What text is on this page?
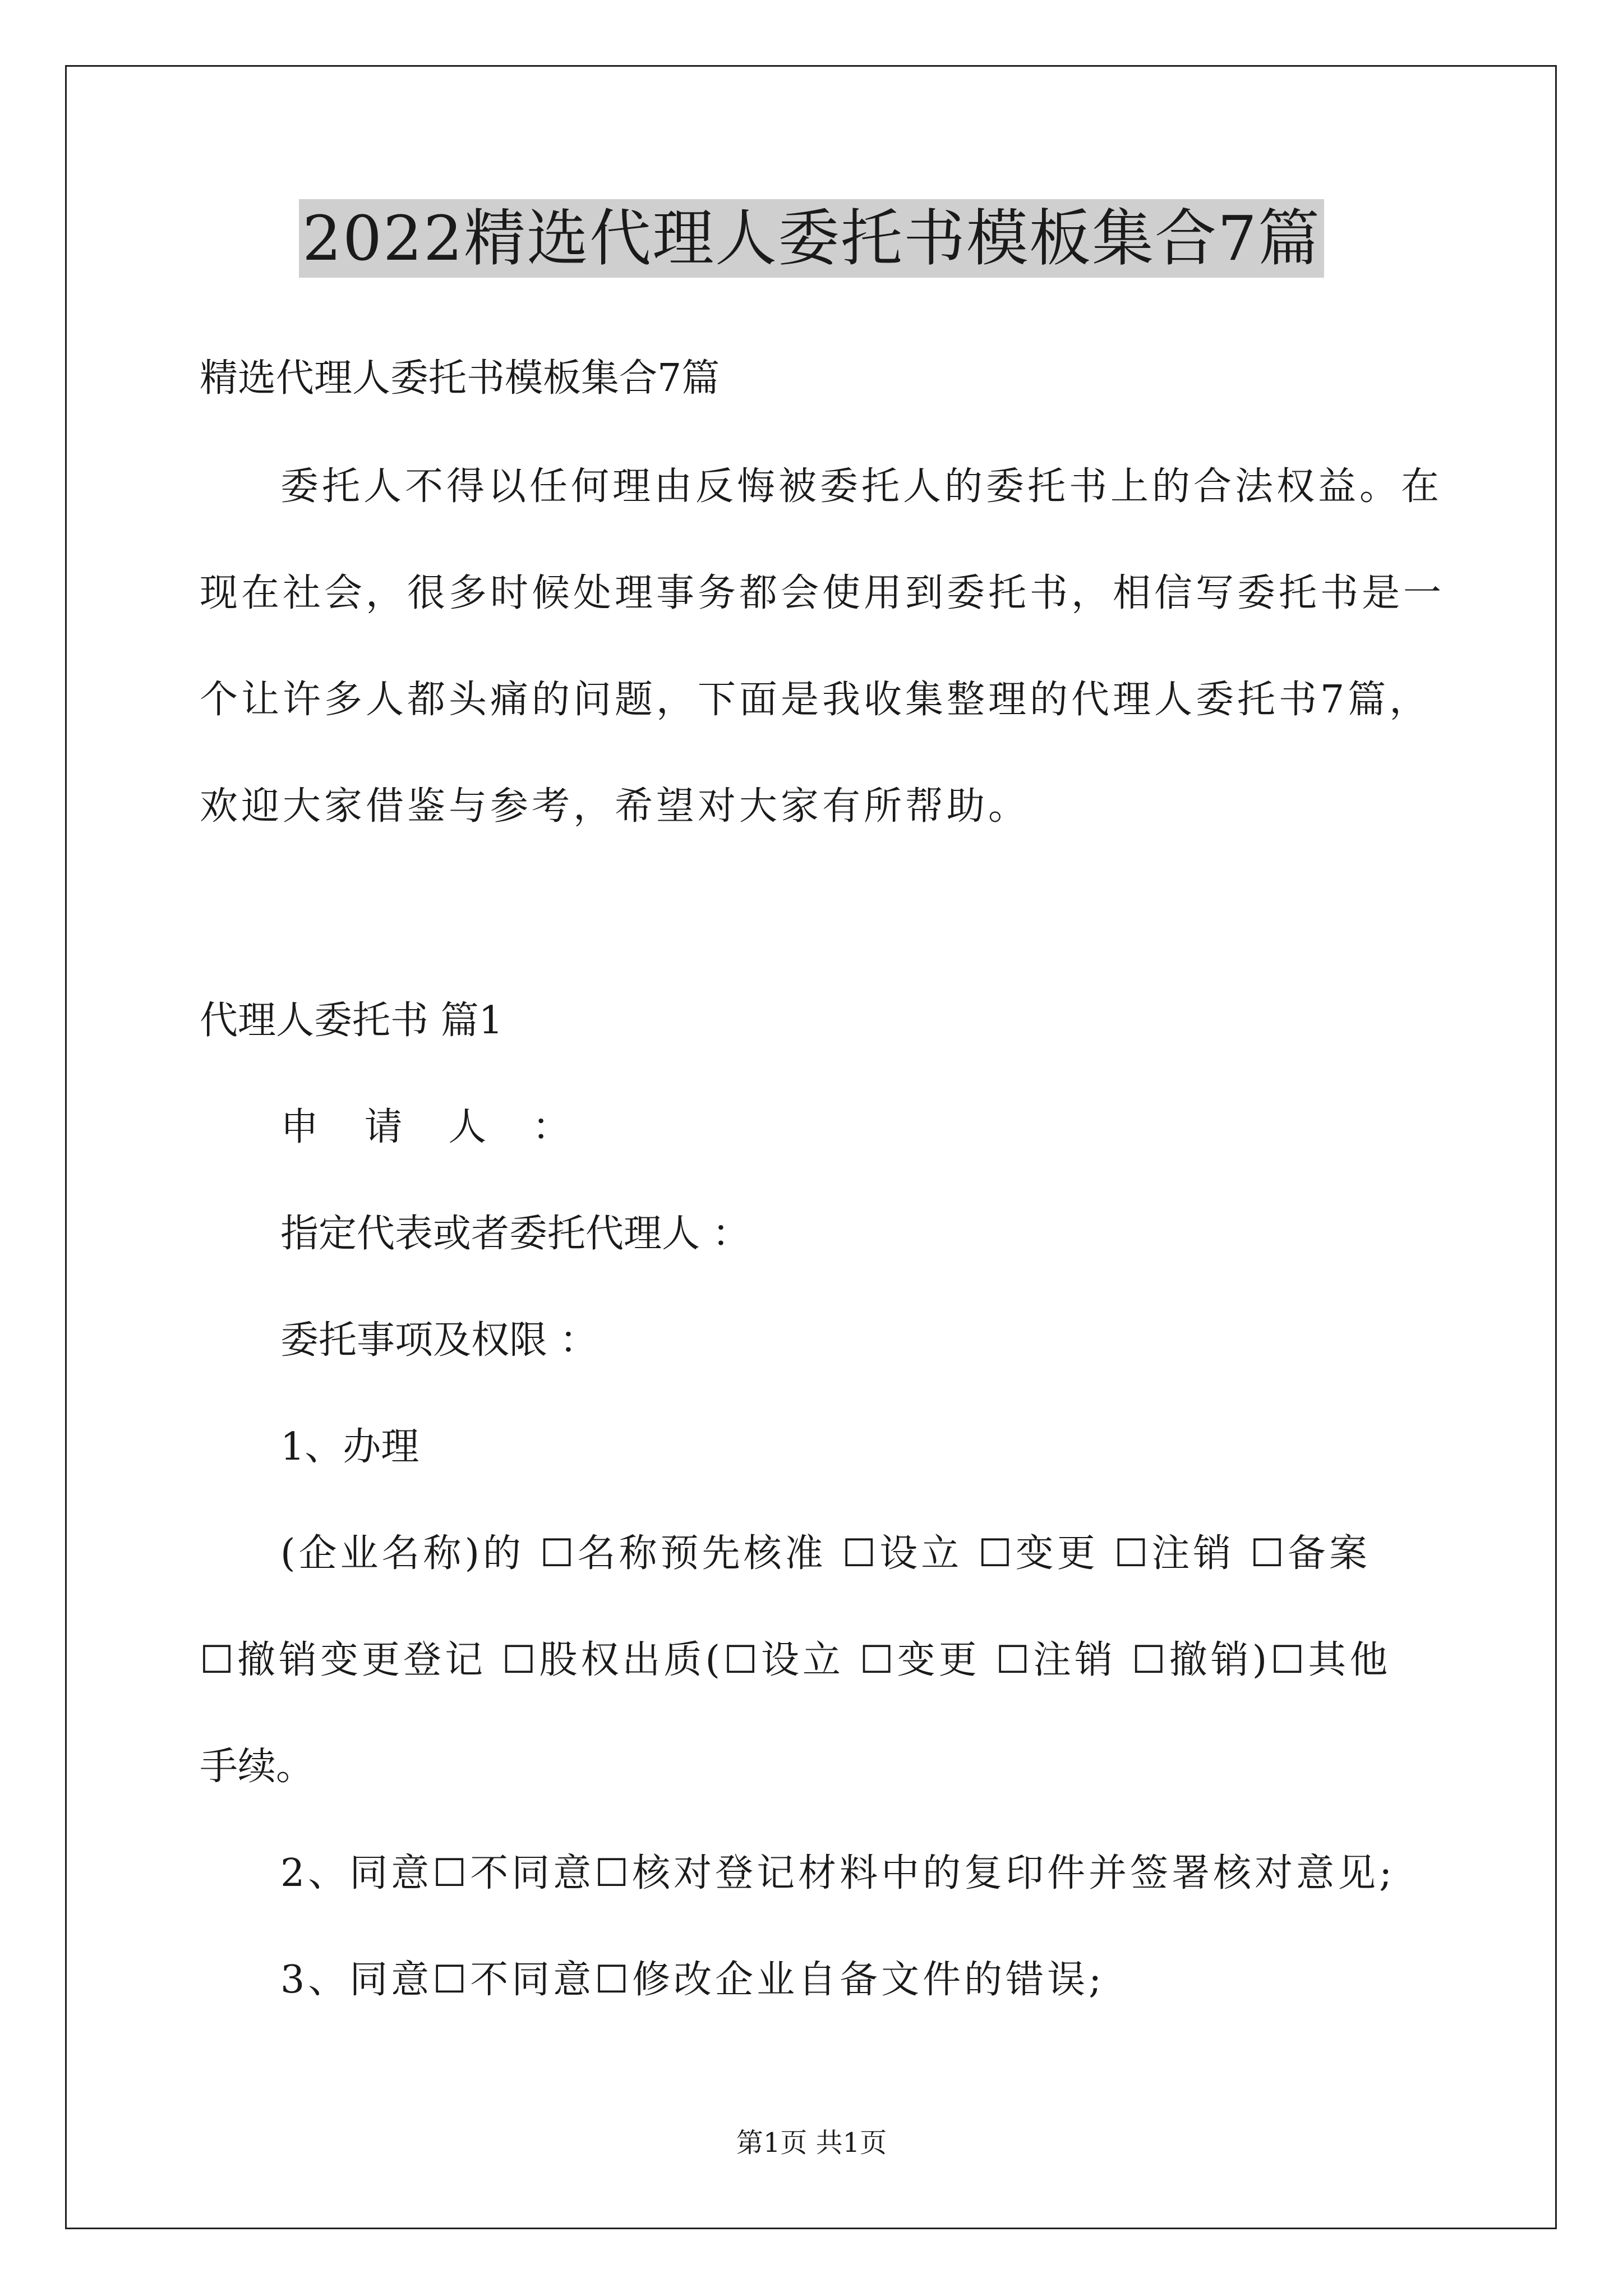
2022精选代理人委托书模板集合7篇
精选代理人委托书模板集合7篇
委托人不得以任何理由反悔被委托人的委托书上的合法权益。在
现在社会，很多时候处理事务都会使用到委托书，相信写委托书是一
个让许多人都头痛的问题，下面是我收集整理的代理人委托书7篇，
欢迎大家借鉴与参考，希望对大家有所帮助。
代理人委托书 篇1
申 请 人 ：
指定代表或者委托代理人 ：
委托事项及权限 ：
1、办理
(企业名称)的 ☐名称预先核准 ☐设立 ☐变更 ☐注销 ☐备案
☐撤销变更登记 ☐股权出质(☐设立 ☐变更 ☐注销 ☐撤销)☐其他
手续。
2、同意☐不同意☐核对登记材料中的复印件并签署核对意见;
3、同意☐不同意☐修改企业自备文件的错误;
第1页 共1页
